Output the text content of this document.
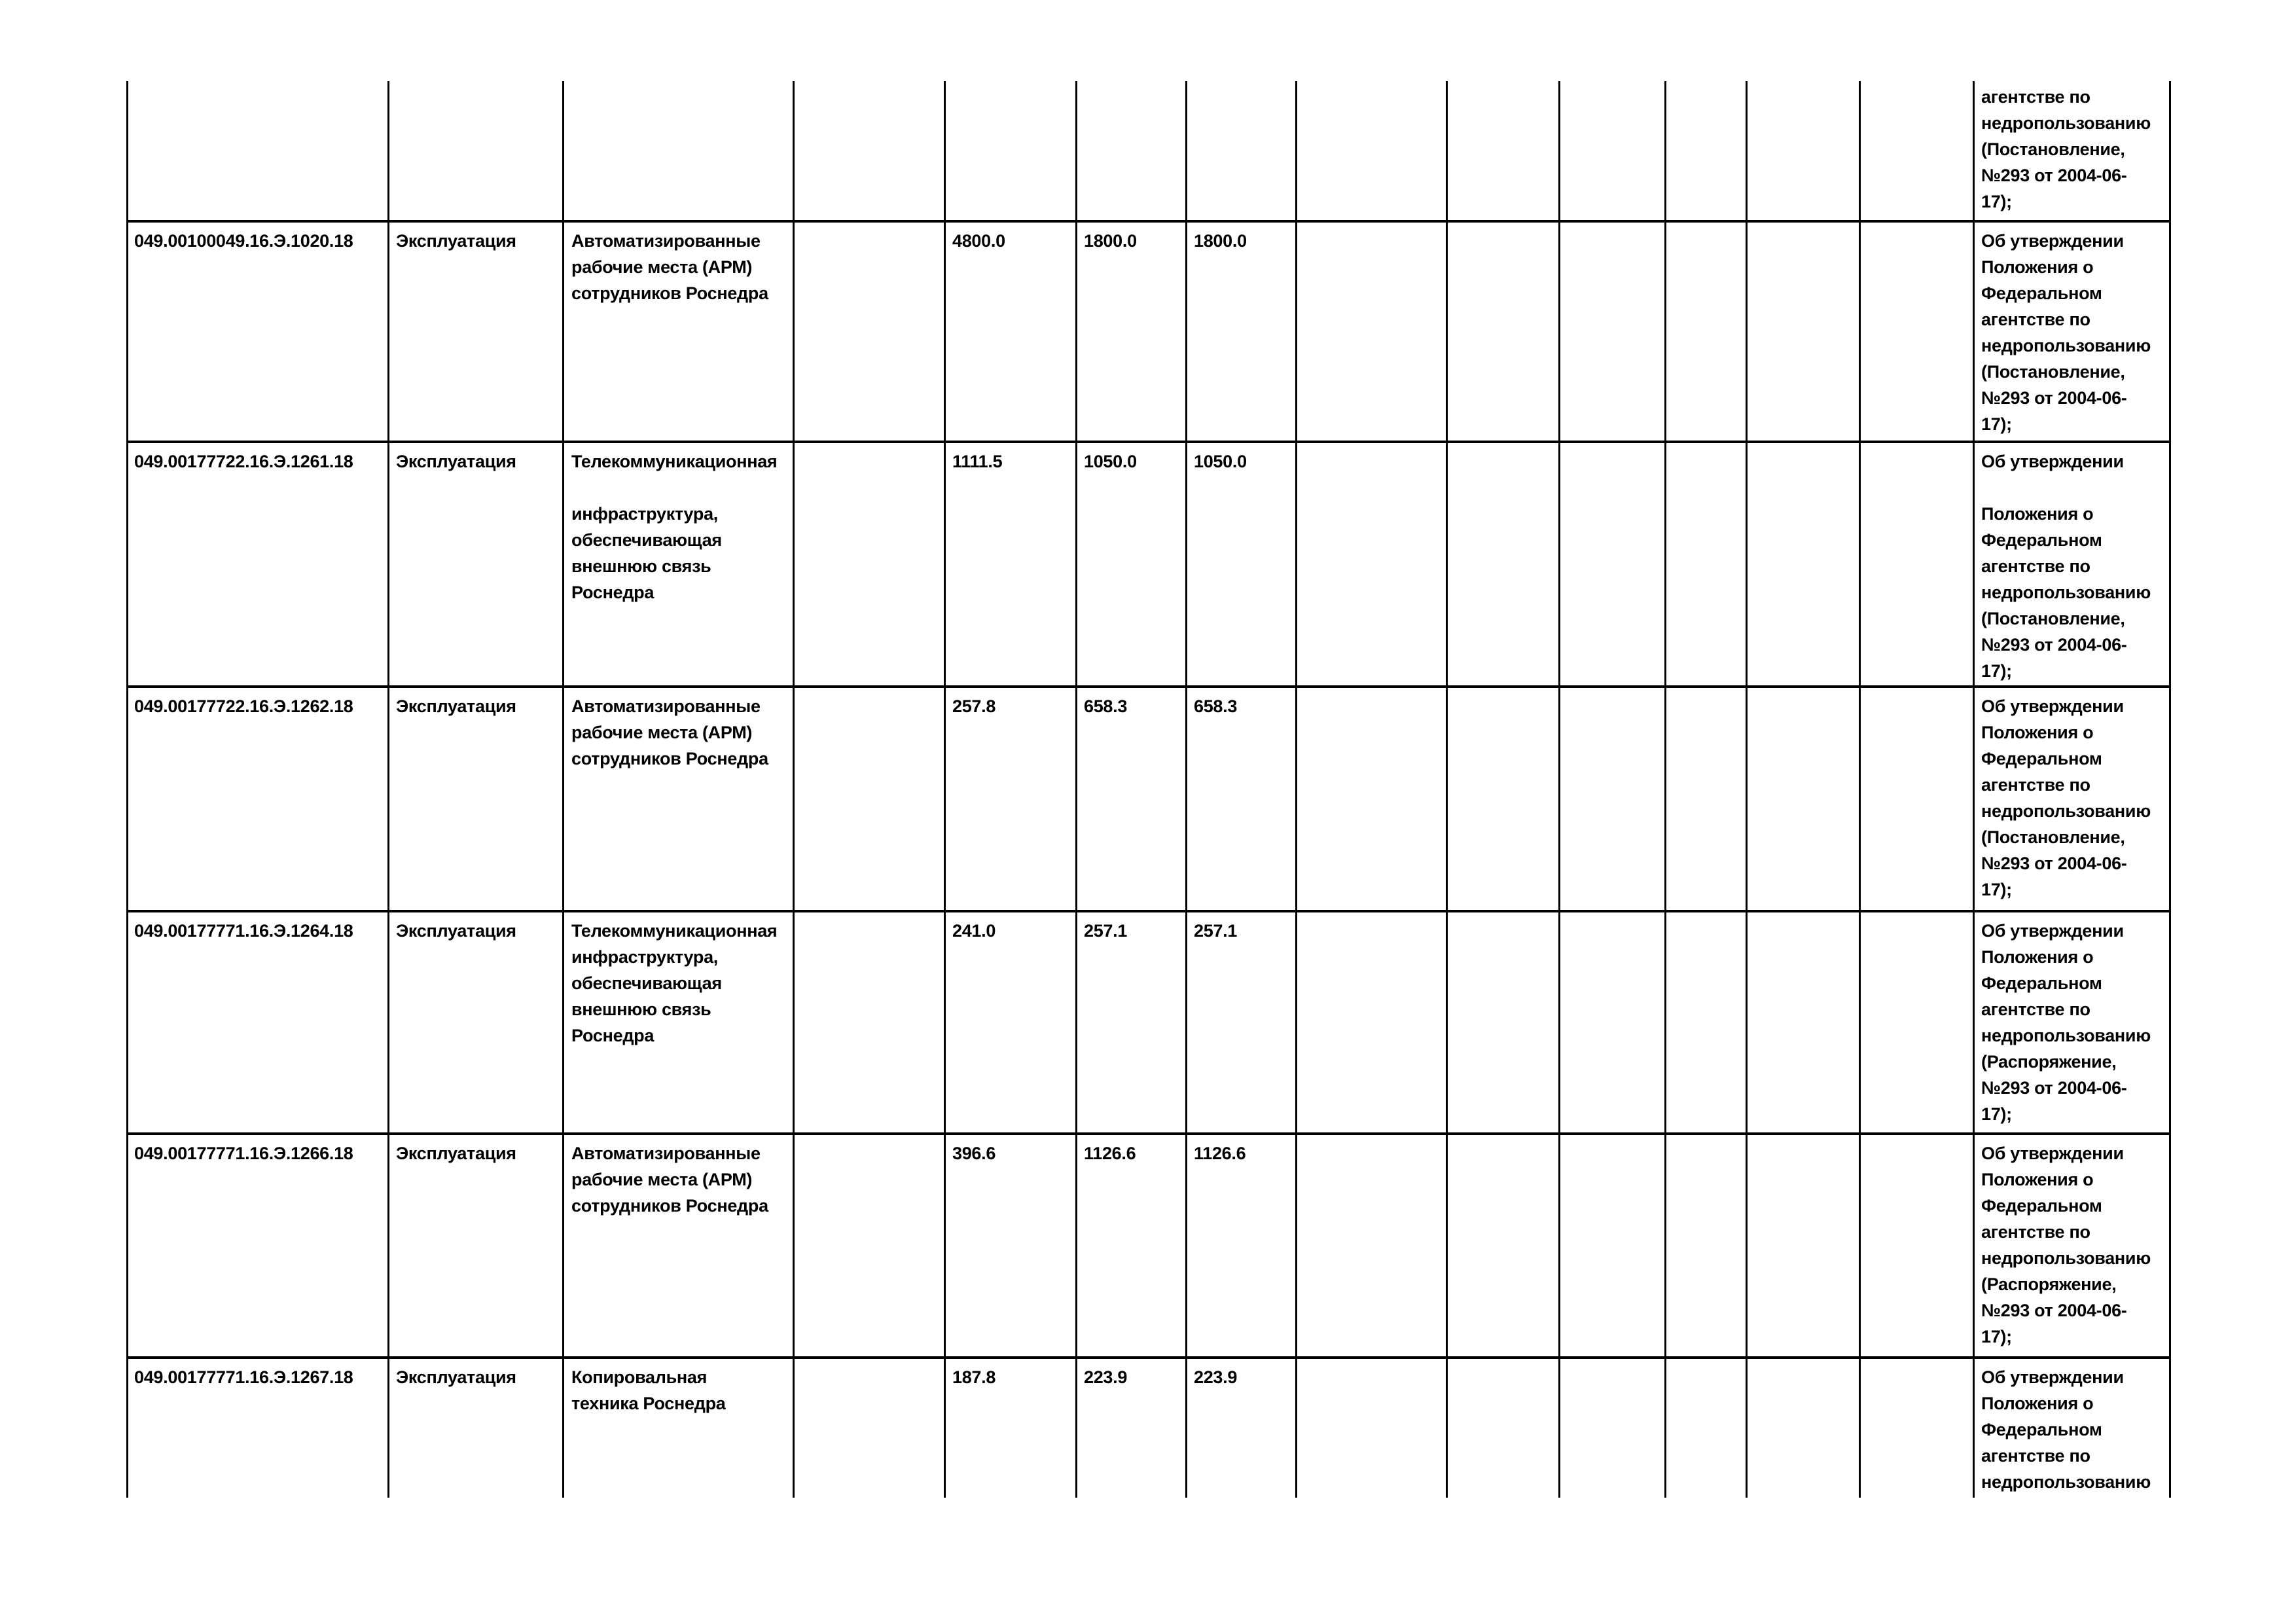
агентстве по
недропользованию
(Постановление,
№293 от 2004-06-
17);
049.00100049.16.Э.1020.18 Эксплуатация	Автоматизированные
рабочие места (АРМ)
сотрудников Роснедра
4800.0	1800.0	1800.0	Об утверждении
Положения о
Федеральном
агентстве по
недропользованию
(Постановление,
№293 от 2004-06-
17);
049.00177722.16.Э.1261.18 Эксплуатация	Телекоммуникационная

инфраструктура,
обеспечивающая
внешнюю связь
Роснедра
1111.5	1050.0	1050.0	Об утверждении

Положения о
Федеральном
агентстве по
недропользованию
(Постановление,
№293 от 2004-06-
17);
049.00177722.16.Э.1262.18 Эксплуатация	Автоматизированные
рабочие места (АРМ)
сотрудников Роснедра
257.8	658.3	658.3	Об утверждении
Положения о
Федеральном
агентстве по
недропользованию
(Постановление,
№293 от 2004-06-
17);
049.00177771.16.Э.1264.18 Эксплуатация	Телекоммуникационная
инфраструктура,
обеспечивающая
внешнюю связь
Роснедра
241.0	257.1	257.1	Об утверждении
Положения о
Федеральном
агентстве по
недропользованию
(Распоряжение,
№293 от 2004-06-
17);
049.00177771.16.Э.1266.18 Эксплуатация	Автоматизированные
рабочие места (АРМ)
сотрудников Роснедра
396.6	1126.6	1126.6	Об утверждении
Положения о
Федеральном
агентстве по
недропользованию
(Распоряжение,
№293 от 2004-06-
17);
049.00177771.16.Э.1267.18 Эксплуатация	Копировальная
техника Роснедра
187.8	223.9	223.9	Об утверждении
Положения о
Федеральном
агентстве по
недропользованию
